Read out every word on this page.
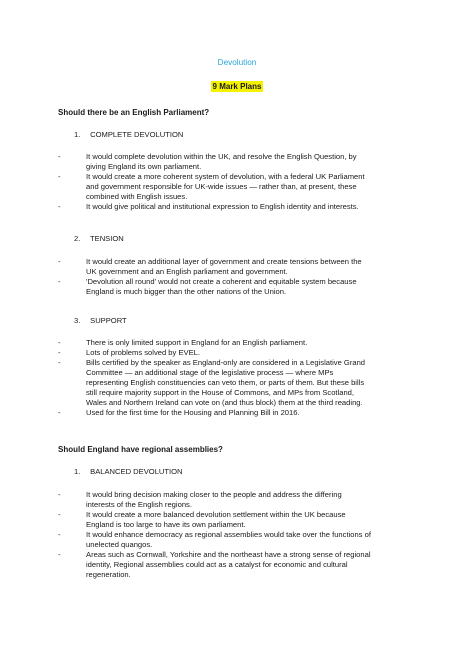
Devolution
9 Mark Plans
Should there be an English Parliament?
1. COMPLETE DEVOLUTION
-	It would complete devolution within the UK, and resolve the English Question, by
giving England its own parliament.
-	It would create a more coherent system of devolution, with a federal UK Parliament
and government responsible for UK-wide issues — rather than, at present, these
combined with English issues.
-	It would give political and institutional expression to English identity and interests.
2. TENSION
-	It would create an additional layer of government and create tensions between the
UK government and an English parliament and government.
-	'Devolution all round' would not create a coherent and equitable system because
England is much bigger than the other nations of the Union.
3. SUPPORT
-	There is only limited support in England for an English parliament.
-	Lots of problems solved by EVEL.
-	Bills certified by the speaker as England-only are considered in a Legislative Grand
Committee — an additional stage of the legislative process — where MPs
representing English constituencies can veto them, or parts of them. But these bills
still require majority support in the House of Commons, and MPs from Scotland,
Wales and Northern Ireland can vote on (and thus block) them at the third reading.
-	Used for the first time for the Housing and Planning Bill in 2016.
Should England have regional assemblies?
1. BALANCED DEVOLUTION
-	It would bring decision making closer to the people and address the differing
interests of the English regions.
-	It would create a more balanced devolution settlement within the UK because
England is too large to have its own parliament.
-	It would enhance democracy as regional assemblies would take over the functions of
unelected quangos.
-	Areas such as Cornwall, Yorkshire and the northeast have a strong sense of regional
identity, Regional assemblies could act as a catalyst for economic and cultural
regeneration.
